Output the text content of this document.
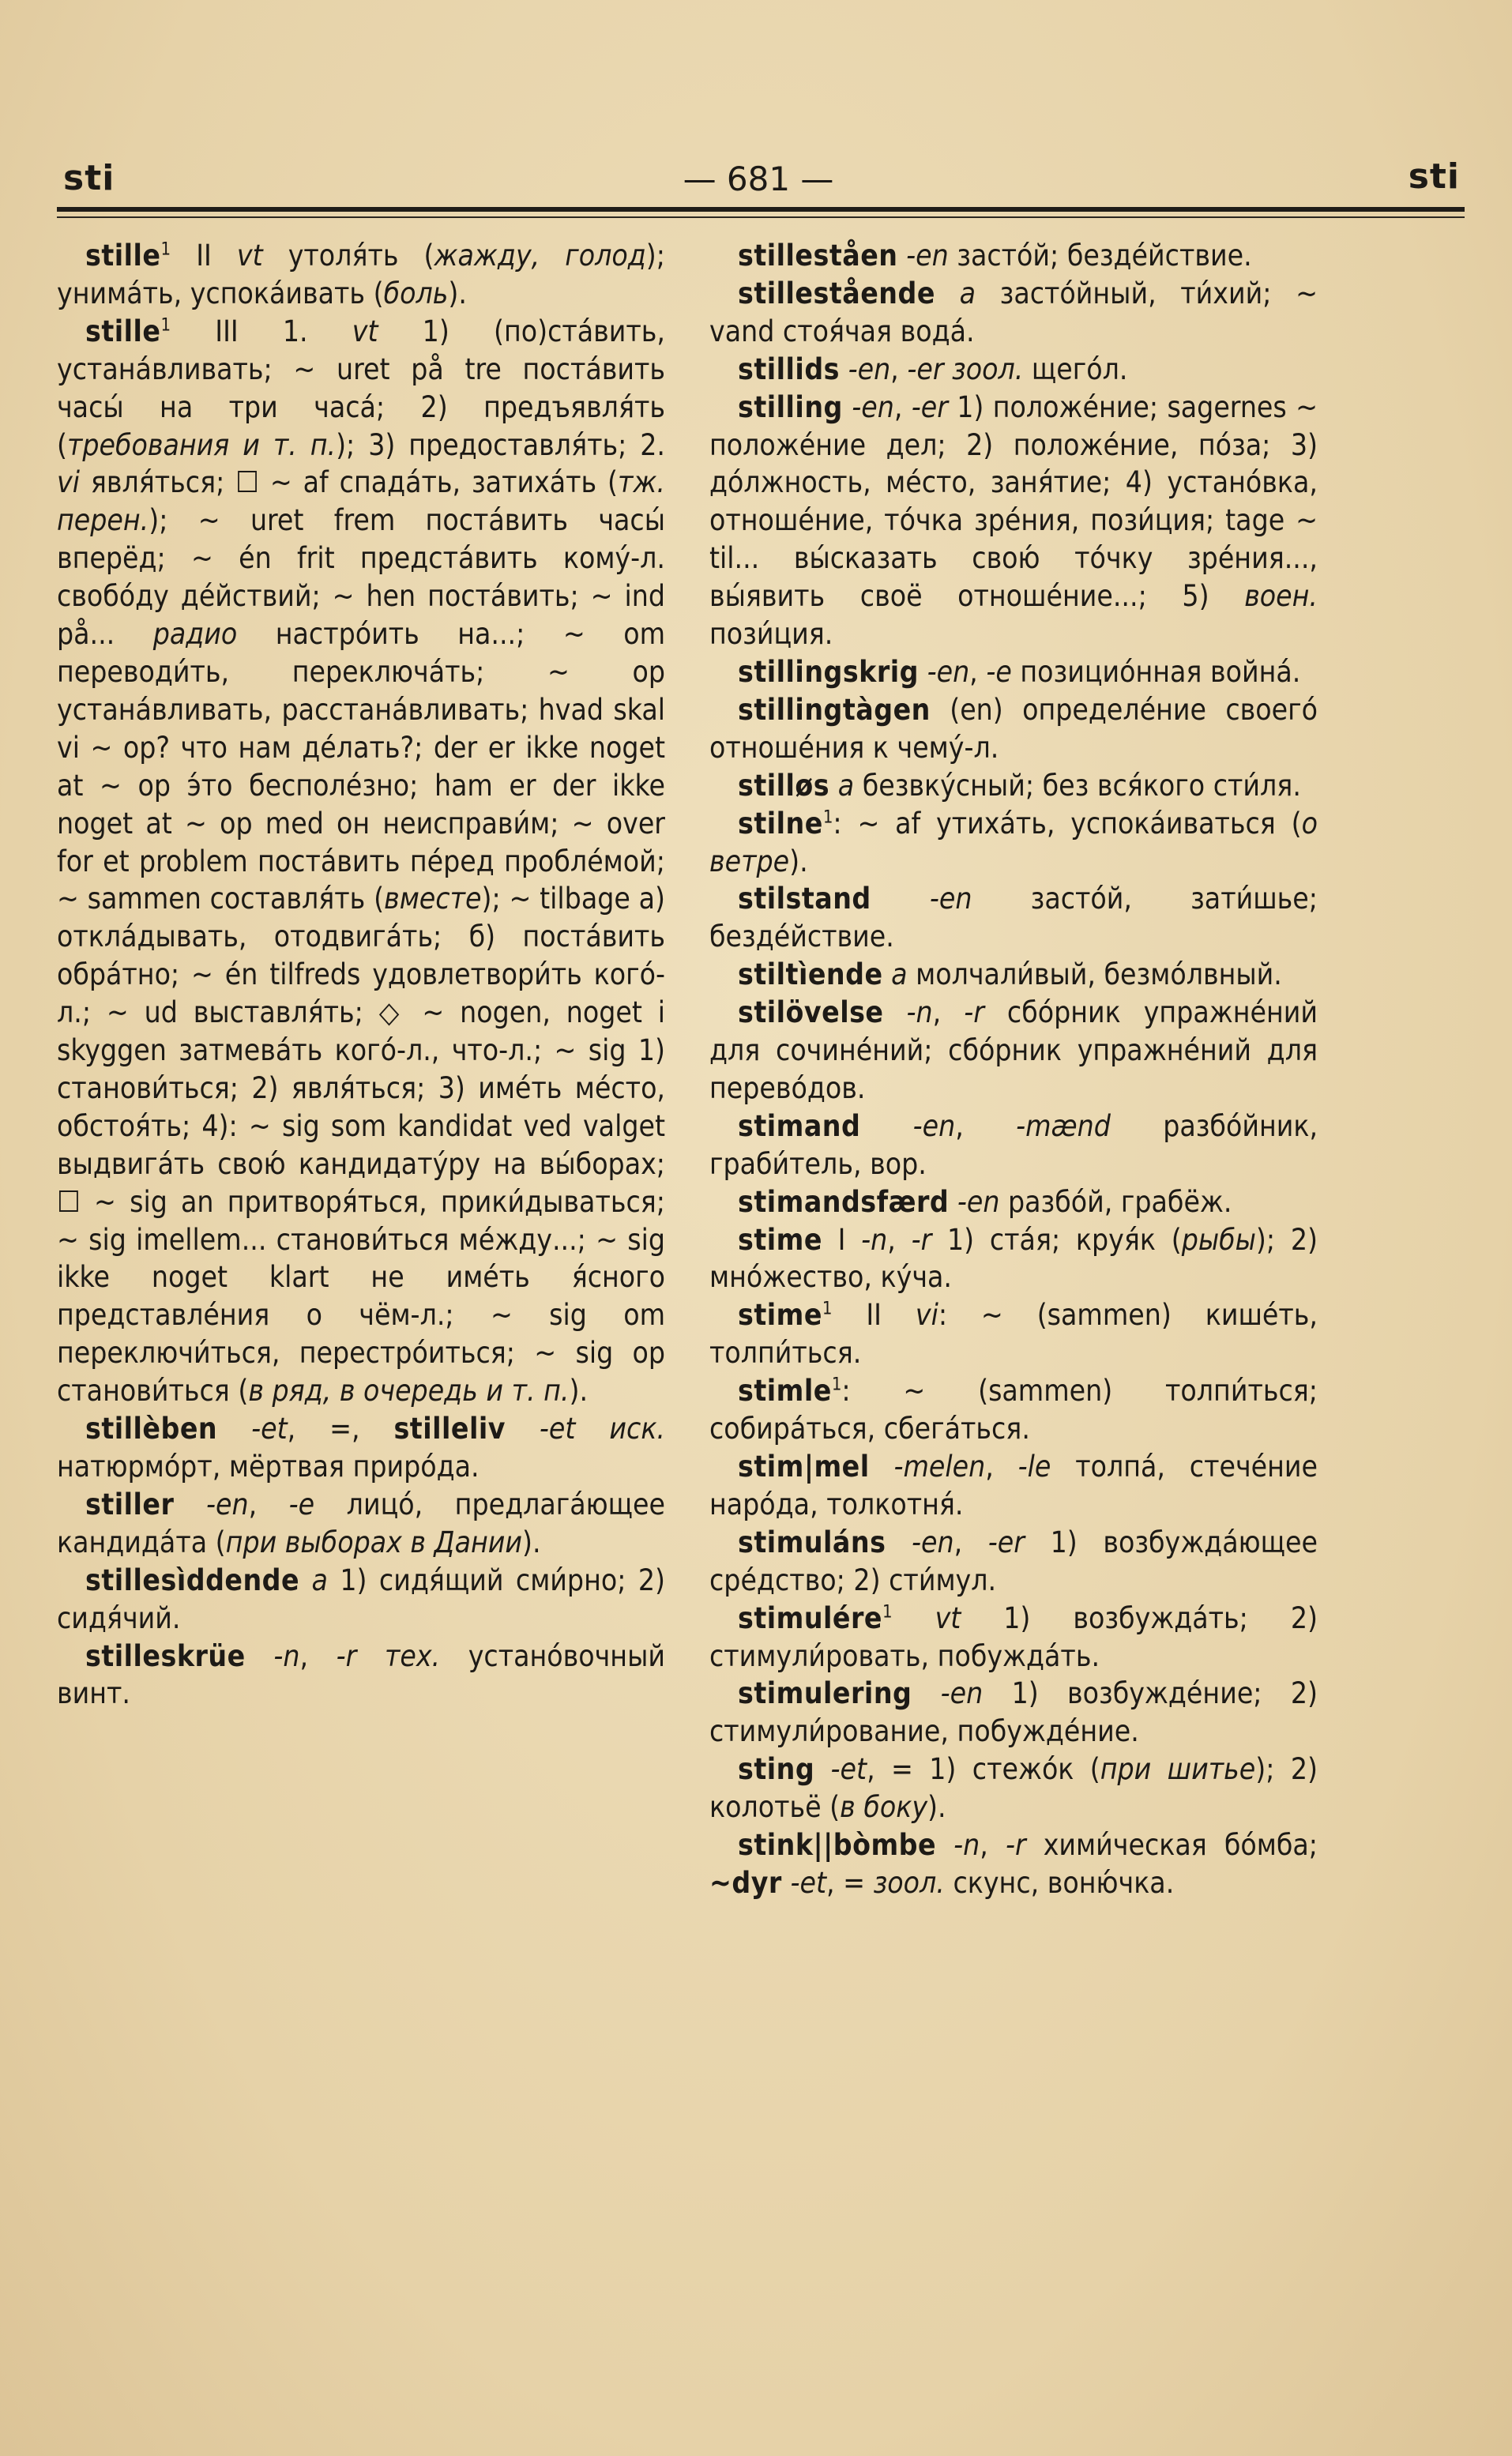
sti	— 681 —	sti

stille$^1$ II vt утоля́ть (жажду, голод); унима́ть, успока́ивать (боль).

stille$^1$ III 1. vt 1) (по)ста́вить, устана́вливать; ~ uret på tre поста́вить часы́ на три часа́; 2) предъявля́ть (требования и т. п.); 3) предоставля́ть; 2. vi явля́ться; ☐ ~ af спада́ть, затиха́ть (тж. перен.); ~ uret frem поста́вить часы́ вперёд; ~ én frit предста́вить кому́-л. свобо́ду де́йствий; ~ hen поста́вить; ~ ind på... радио настро́ить на...; ~ om переводи́ть, переключа́ть; ~ op устана́вливать, расстана́вливать; hvad skal vi ~ op? что нам де́лать?; der er ikke noget at ~ op э́то бесполе́зно; ham er der ikke noget at ~ op med он неисправи́м; ~ over for et problem поста́вить пе́ред пробле́мой; ~ sammen составля́ть (вместе); ~ tilbage а) откла́дывать, отодвига́ть; б) поста́вить обра́тно; ~ én tilfreds удовлетвори́ть кого́-л.; ~ ud выставля́ть; ◇ ~ nogen, noget i skyggen затмева́ть кого́-л., что-л.; ~ sig 1) станови́ться; 2) явля́ться; 3) име́ть ме́сто, обстоя́ть; 4): ~ sig som kandidat ved valget выдвига́ть свою́ кандидату́ру на вы́борах; ☐ ~ sig an притворя́ться, прики́дываться; ~ sig imellem... станови́ться ме́жду...; ~ sig ikke noget klart не име́ть я́сного представле́ния о чём-л.; ~ sig om переключи́ться, перестро́иться; ~ sig op станови́ться (в ряд, в очередь и т. п.).

stillèben -et, =, stilleliv -et иск. натюрмо́рт, мёртвая приро́да.

stiller -en, -e лицо́, предлага́ющее кандида́та (при выборах в Дании).

stillesìddende a 1) сидя́щий сми́рно; 2) сидя́чий.

stilleskrüe -n, -r тех. устано́вочный винт.

stilleståen -en засто́й; безде́йствие.

stillestående a засто́йный, ти́хий; ~ vand стоя́чая вода́.

stillids -en, -er зоол. щего́л.

stilling -en, -er 1) положе́ние; sagernes ~ положе́ние дел; 2) положе́ние, по́за; 3) до́лжность, ме́сто, заня́тие; 4) устано́вка, отноше́ние, то́чка зре́ния, пози́ция; tage ~ til... вы́сказать свою́ то́чку зре́ния..., вы́явить своё отноше́ние...; 5) воен. пози́ция.

stillingskrig -en, -e позицио́нная война́.

stillingtàgen (en) определе́ние своего́ отноше́ния к чему́-л.

stilløs a безвку́сный; без вся́кого сти́ля.

stilne$^1$: ~ af утиха́ть, успока́иваться (о ветре).

stilstand -en засто́й, зати́шье; безде́йствие.

stiltìende a молчали́вый, безмо́лвный.

stilövelse -n, -r сбо́рник упражне́ний для сочине́ний; сбо́рник упражне́ний для перево́дов.

stimand -en, -mænd разбо́йник, граби́тель, вор.

stimandsfærd -en разбо́й, грабёж.

stime I -n, -r 1) ста́я; круя́к (рыбы); 2) мно́жество, ку́ча.

stime$^1$ II vi: ~ (sammen) кише́ть, толпи́ться.

stimle$^1$: ~ (sammen) толпи́ться; собира́ться, сбега́ться.

stim|mel -melen, -le толпа́, стече́ние наро́да, толкотня́.

stimuláns -en, -er 1) возбужда́ющее сре́дство; 2) сти́мул.

stimulére$^1$ vt 1) возбужда́ть; 2) стимули́ровать, побужда́ть.

stimulering -en 1) возбужде́ние; 2) стимули́рование, побужде́ние.

sting -et, = 1) стежо́к (при шитье); 2) колотьё (в боку).

stink||bòmbe -n, -r хими́ческая бо́мба; ~dyr -et, = зоол. скунс, воню́чка.
